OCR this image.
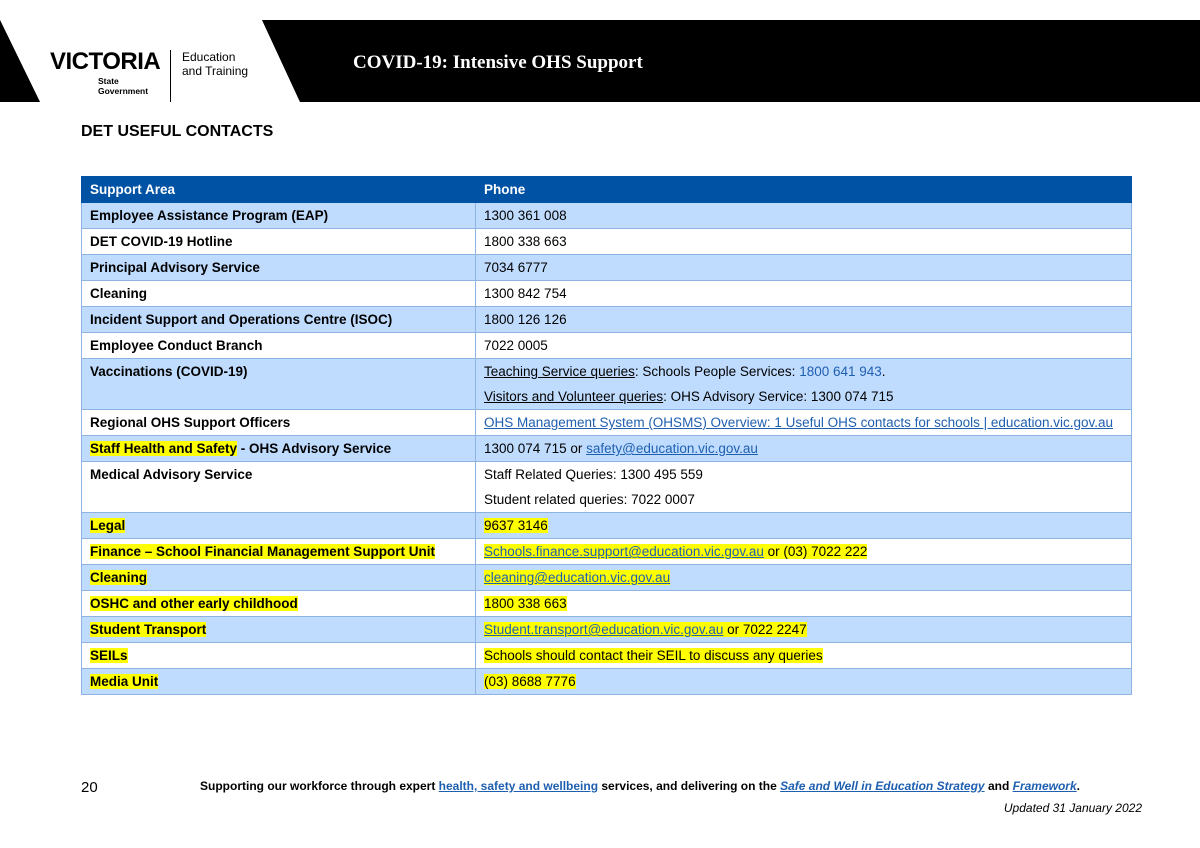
VICTORIA
State
Government
Education
and Training	COVID-19: Intensive OHS Support
DET USEFUL CONTACTS
Support Area	Phone
Employee Assistance Program (EAP)	1300 361 008
DET COVID-19 Hotline	1800 338 663
Principal Advisory Service	7034 6777
Cleaning	1300 842 754
Incident Support and Operations Centre (ISOC)	1800 126 126
Employee Conduct Branch	7022 0005
Vaccinations (COVID-19)	Teaching Service queries: Schools People Services: 1800 641 943.
Visitors and Volunteer queries: OHS Advisory Service: 1300 074 715

Regional OHS Support Officers	OHS Management System (OHSMS) Overview: 1 Useful OHS contacts for schools | education.vic.gov.au
Staff Health and Safety - OHS Advisory Service	1300 074 715 or safety@education.vic.gov.au
Medical Advisory Service	Staff Related Queries: 1300 495 559
Student related queries: 7022 0007

Legal	9637 3146
Finance – School Financial Management Support Unit	Schools.finance.support@education.vic.gov.au or (03) 7022 222
Cleaning	cleaning@education.vic.gov.au
OSHC and other early childhood	1800 338 663
Student Transport	Student.transport@education.vic.gov.au or 7022 2247
SEILs	Schools should contact their SEIL to discuss any queries
Media Unit	(03) 8688 7776
20	Supporting our workforce through expert health, safety and wellbeing services, and delivering on the Safe and Well in Education Strategy and Framework.
Updated 31 January 2022
